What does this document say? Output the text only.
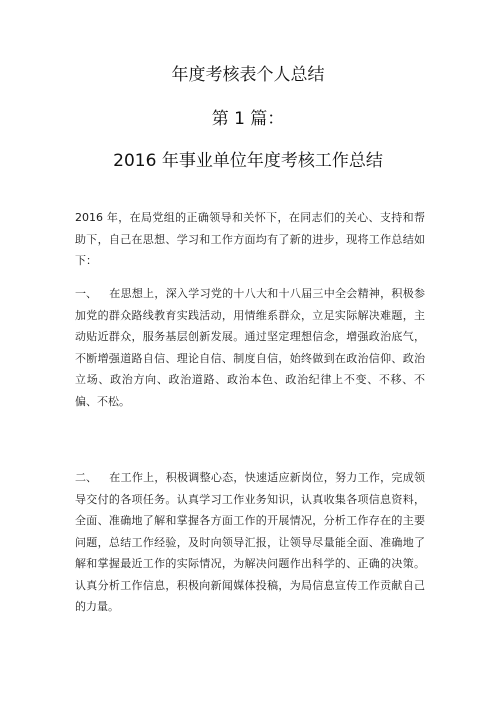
年度考核表个人总结
第 1 篇：
2016 年事业单位年度考核工作总结
2016 年，在局党组的正确领导和关怀下，在同志们的关心、支持和帮助下，自己在思想、学习和工作方面均有了新的进步，现将工作总结如下：
一、 在思想上，深入学习党的十八大和十八届三中全会精神，积极参加党的群众路线教育实践活动，用情维系群众，立足实际解决难题，主动贴近群众，服务基层创新发展。通过坚定理想信念，增强政治底气，不断增强道路自信、理论自信、制度自信，始终做到在政治信仰、政治立场、政治方向、政治道路、政治本色、政治纪律上不变、不移、不偏、不松。
二、 在工作上，积极调整心态，快速适应新岗位，努力工作，完成领导交付的各项任务。认真学习工作业务知识，认真收集各项信息资料，全面、准确地了解和掌握各方面工作的开展情况，分析工作存在的主要问题，总结工作经验，及时向领导汇报，让领导尽量能全面、准确地了解和掌握最近工作的实际情况，为解决问题作出科学的、正确的决策。认真分析工作信息，积极向新闻媒体投稿，为局信息宣传工作贡献自己的力量。
